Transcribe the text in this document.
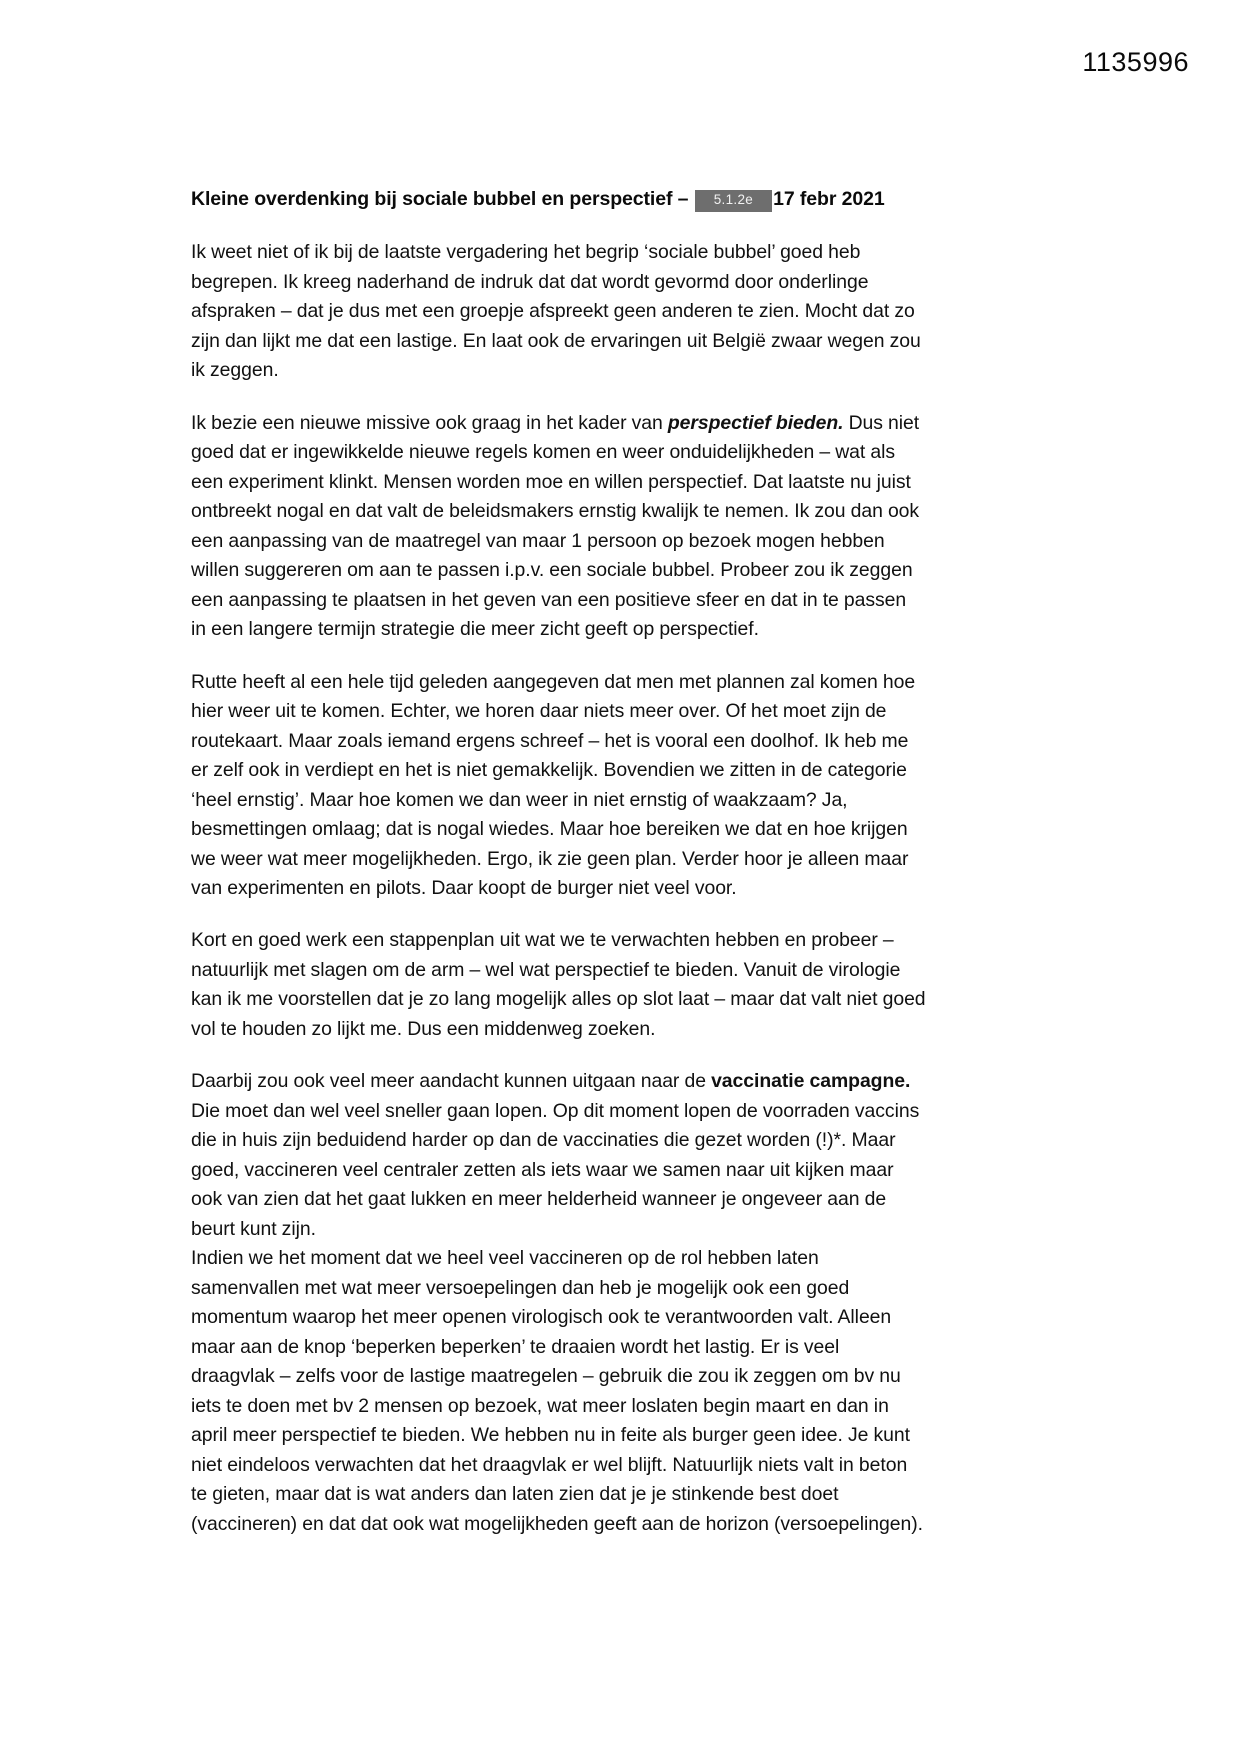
1135996
Kleine overdenking bij sociale bubbel en perspectief – 5.1.2e 17 febr 2021

Ik weet niet of ik bij de laatste vergadering het begrip ‘sociale bubbel’ goed heb begrepen. Ik kreeg naderhand de indruk dat dat wordt gevormd door onderlinge afspraken – dat je dus met een groepje afspreekt geen anderen te zien. Mocht dat zo zijn dan lijkt me dat een lastige. En laat ook de ervaringen uit België zwaar wegen zou ik zeggen.

Ik bezie een nieuwe missive ook graag in het kader van perspectief bieden. Dus niet goed dat er ingewikkelde nieuwe regels komen en weer onduidelijkheden – wat als een experiment klinkt. Mensen worden moe en willen perspectief. Dat laatste nu juist ontbreekt nogal en dat valt de beleidsmakers ernstig kwalijk te nemen. Ik zou dan ook een aanpassing van de maatregel van maar 1 persoon op bezoek mogen hebben willen suggereren om aan te passen i.p.v. een sociale bubbel. Probeer zou ik zeggen een aanpassing te plaatsen in het geven van een positieve sfeer en dat in te passen in een langere termijn strategie die meer zicht geeft op perspectief.

Rutte heeft al een hele tijd geleden aangegeven dat men met plannen zal komen hoe hier weer uit te komen. Echter, we horen daar niets meer over. Of het moet zijn de routekaart. Maar zoals iemand ergens schreef – het is vooral een doolhof. Ik heb me er zelf ook in verdiept en het is niet gemakkelijk. Bovendien we zitten in de categorie ‘heel ernstig’. Maar hoe komen we dan weer in niet ernstig of waakzaam? Ja, besmettingen omlaag; dat is nogal wiedes. Maar hoe bereiken we dat en hoe krijgen we weer wat meer mogelijkheden. Ergo, ik zie geen plan. Verder hoor je alleen maar van experimenten en pilots. Daar koopt de burger niet veel voor.

Kort en goed werk een stappenplan uit wat we te verwachten hebben en probeer – natuurlijk met slagen om de arm – wel wat perspectief te bieden. Vanuit de virologie kan ik me voorstellen dat je zo lang mogelijk alles op slot laat – maar dat valt niet goed vol te houden zo lijkt me. Dus een middenweg zoeken.

Daarbij zou ook veel meer aandacht kunnen uitgaan naar de vaccinatie campagne. Die moet dan wel veel sneller gaan lopen. Op dit moment lopen de voorraden vaccins die in huis zijn beduidend harder op dan de vaccinaties die gezet worden (!)*. Maar goed, vaccineren veel centraler zetten als iets waar we samen naar uit kijken maar ook van zien dat het gaat lukken en meer helderheid wanneer je ongeveer aan de beurt kunt zijn.

Indien we het moment dat we heel veel vaccineren op de rol hebben laten samenvallen met wat meer versoepelingen dan heb je mogelijk ook een goed momentum waarop het meer openen virologisch ook te verantwoorden valt. Alleen maar aan de knop ‘beperken beperken’ te draaien wordt het lastig. Er is veel draagvlak – zelfs voor de lastige maatregelen – gebruik die zou ik zeggen om bv nu iets te doen met bv 2 mensen op bezoek, wat meer loslaten begin maart en dan in april meer perspectief te bieden. We hebben nu in feite als burger geen idee. Je kunt niet eindeloos verwachten dat het draagvlak er wel blijft. Natuurlijk niets valt in beton te gieten, maar dat is wat anders dan laten zien dat je je stinkende best doet (vaccineren) en dat dat ook wat mogelijkheden geeft aan de horizon (versoepelingen).
